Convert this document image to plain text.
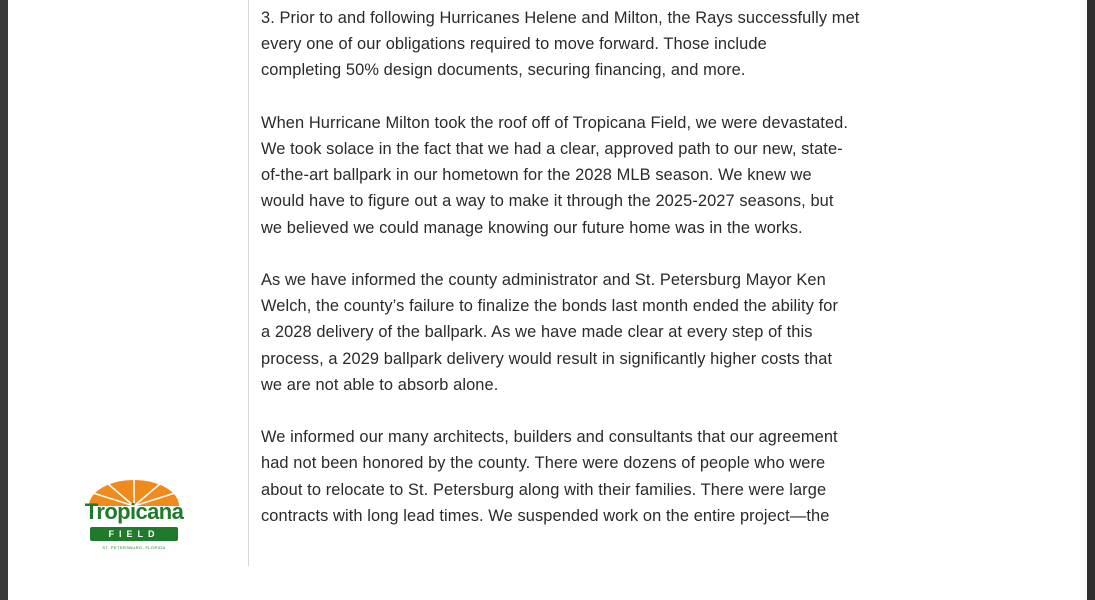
3. Prior to and following Hurricanes Helene and Milton, the Rays successfully met
every one of our obligations required to move forward. Those include
completing 50% design documents, securing financing, and more.

When Hurricane Milton took the roof off of Tropicana Field, we were devastated.
We took solace in the fact that we had a clear, approved path to our new, state-
of-the-art ballpark in our hometown for the 2028 MLB season. We knew we
would have to figure out a way to make it through the 2025-2027 seasons, but
we believed we could manage knowing our future home was in the works.

As we have informed the county administrator and St. Petersburg Mayor Ken
Welch, the county’s failure to finalize the bonds last month ended the ability for
a 2028 delivery of the ballpark. As we have made clear at every step of this
process, a 2029 ballpark delivery would result in significantly higher costs that
we are not able to absorb alone.

We informed our many architects, builders and consultants that our agreement
had not been honored by the county. There were dozens of people who were
about to relocate to St. Petersburg along with their families. There were large
contracts with long lead times. We suspended work on the entire project—the

Tropicana
FIELD
ST. PETERSBURG, FLORIDA
